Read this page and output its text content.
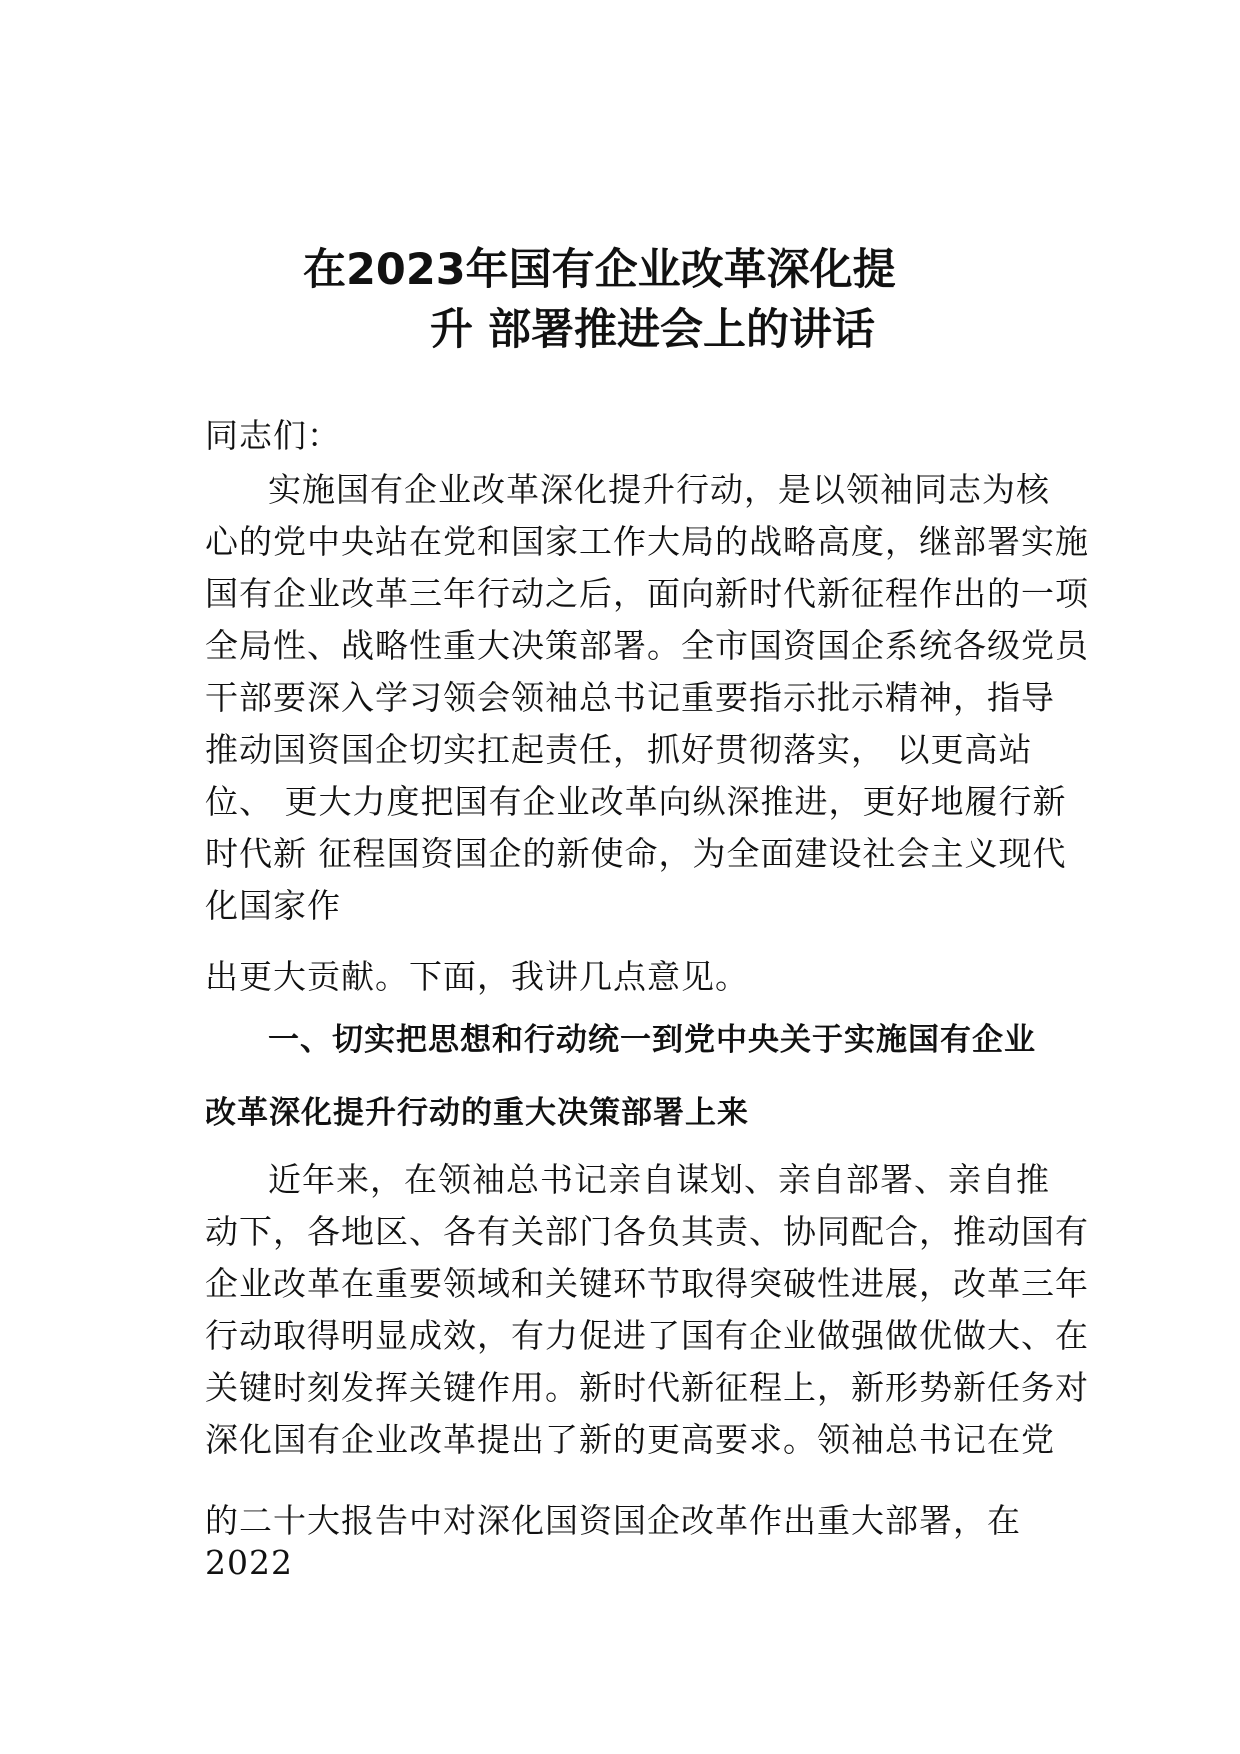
在2023年国有企业改革深化提
升 部署推进会上的讲话
同志们：
实施国有企业改革深化提升行动，是以领袖同志为核
心的党中央站在党和国家工作大局的战略高度，继部署实施
国有企业改革三年行动之后，面向新时代新征程作出的一项
全局性、战略性重大决策部署。全市国资国企系统各级党员
干部要深入学习领会领袖总书记重要指示批示精神，指导
推动国资国企切实扛起责任，抓好贯彻落实， 以更高站
位、 更大力度把国有企业改革向纵深推进，更好地履行新
时代新 征程国资国企的新使命，为全面建设社会主义现代
化国家作
出更大贡献。下面，我讲几点意见。
一、切实把思想和行动统一到党中央关于实施国有企业
改革深化提升行动的重大决策部署上来
近年来，在领袖总书记亲自谋划、亲自部署、亲自推
动下，各地区、各有关部门各负其责、协同配合，推动国有
企业改革在重要领域和关键环节取得突破性进展，改革三年
行动取得明显成效，有力促进了国有企业做强做优做大、在
关键时刻发挥关键作用。新时代新征程上，新形势新任务对
深化国有企业改革提出了新的更高要求。领袖总书记在党
的二十大报告中对深化国资国企改革作出重大部署，在
2022
